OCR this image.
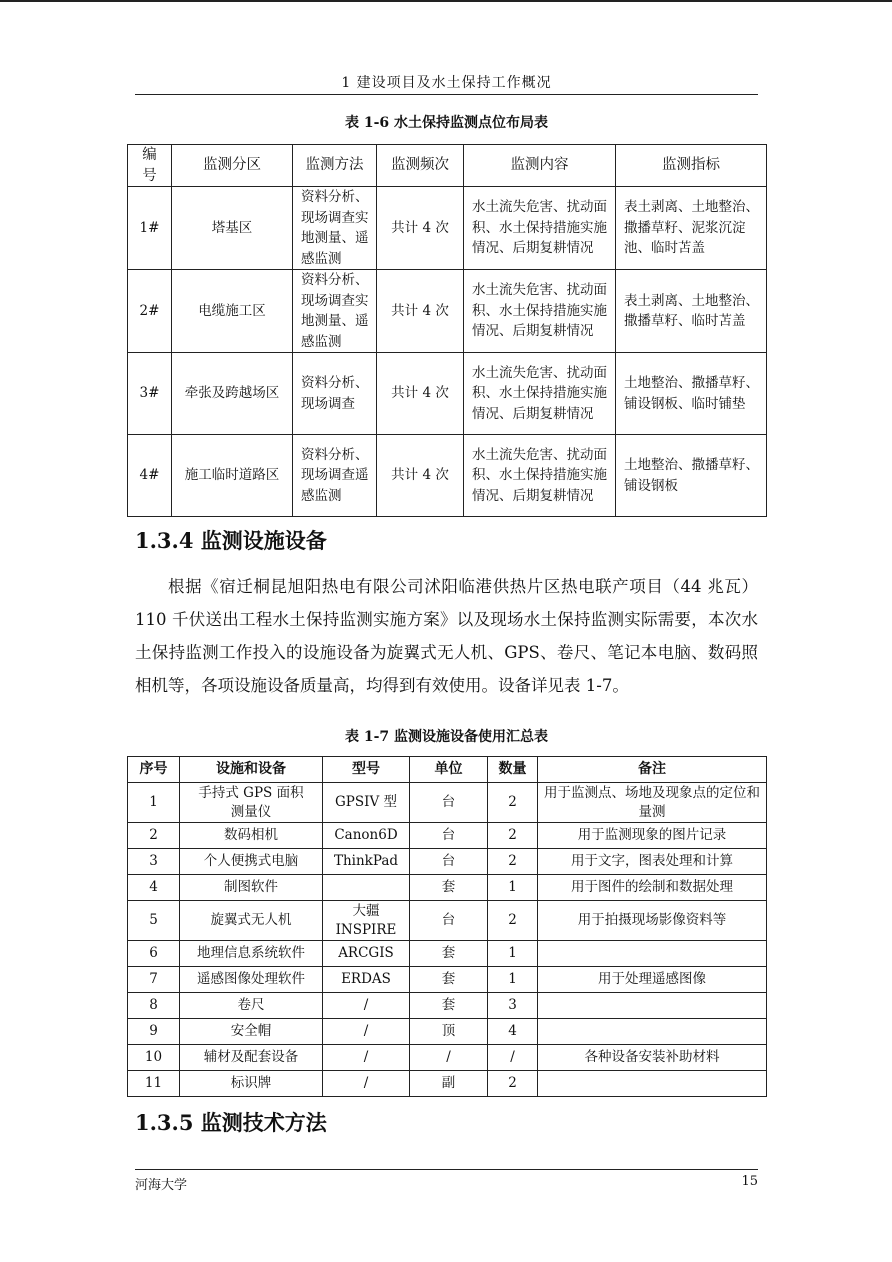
1 建设项目及水土保持工作概况
表 1-6 水土保持监测点位布局表
编号	监测分区	监测方法	监测频次	监测内容	监测指标
1#	塔基区	资料分析、现场调查实地测量、遥感监测	共计 4 次	水土流失危害、扰动面积、水土保持措施实施情况、后期复耕情况	表土剥离、土地整治、撒播草籽、泥浆沉淀池、临时苫盖
2#	电缆施工区	资料分析、现场调查实地测量、遥感监测	共计 4 次	水土流失危害、扰动面积、水土保持措施实施情况、后期复耕情况	表土剥离、土地整治、撒播草籽、临时苫盖
3#	牵张及跨越场区	资料分析、现场调查	共计 4 次	水土流失危害、扰动面积、水土保持措施实施情况、后期复耕情况	土地整治、撒播草籽、铺设钢板、临时铺垫
4#	施工临时道路区	资料分析、现场调查遥感监测	共计 4 次	水土流失危害、扰动面积、水土保持措施实施情况、后期复耕情况	土地整治、撒播草籽、铺设钢板
1.3.4 监测设施设备
根据《宿迁桐昆旭阳热电有限公司沭阳临港供热片区热电联产项目（44 兆瓦）110 千伏送出工程水土保持监测实施方案》以及现场水土保持监测实际需要，本次水土保持监测工作投入的设施设备为旋翼式无人机、GPS、卷尺、笔记本电脑、数码照相机等，各项设施设备质量高，均得到有效使用。设备详见表 1-7。
表 1-7 监测设施设备使用汇总表
序号	设施和设备	型号	单位	数量	备注
1	手持式 GPS 面积测量仪	GPSIV 型	台	2	用于监测点、场地及现象点的定位和量测
2	数码相机	Canon6D	台	2	用于监测现象的图片记录
3	个人便携式电脑	ThinkPad	台	2	用于文字，图表处理和计算
4	制图软件		套	1	用于图件的绘制和数据处理
5	旋翼式无人机	大疆 INSPIRE	台	2	用于拍摄现场影像资料等
6	地理信息系统软件	ARCGIS	套	1	
7	遥感图像处理软件	ERDAS	套	1	用于处理遥感图像
8	卷尺	/	套	3	
9	安全帽	/	顶	4	
10	辅材及配套设备	/	/	/	各种设备安装补助材料
11	标识牌	/	副	2	
1.3.5 监测技术方法
河海大学	15
